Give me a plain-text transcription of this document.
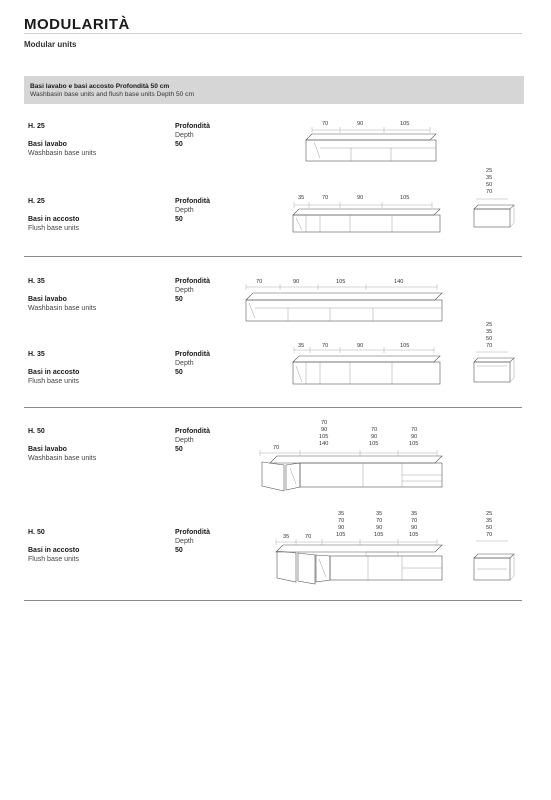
MODULARITÀ
Modular units
Basi lavabo e basi accosto Profondità 50 cm
Washbasin base units and flush base units Depth 50 cm
H. 25
Basi lavabo
Washbasin base units
Profondità
Depth
50
H. 25
Basi in accosto
Flush base units
Profondità
Depth
50
H. 35
Basi lavabo
Washbasin base units
Profondità
Depth
50
H. 35
Basi in accosto
Flush base units
Profondità
Depth
50
H. 50
Basi lavabo
Washbasin base units
Profondità
Depth
50
H. 50
Basi in accosto
Flush base units
Profondità
Depth
50
70	90	105
35	70	90	105
25 35 50 70
70	90	105	140
35	70	90	105
25 35 50 70
70 90 105 140
70 90 105
70 90 105
70
35 70 90 105
35 70 90 105
35 70 90 105
35	70
25 35 50 70
